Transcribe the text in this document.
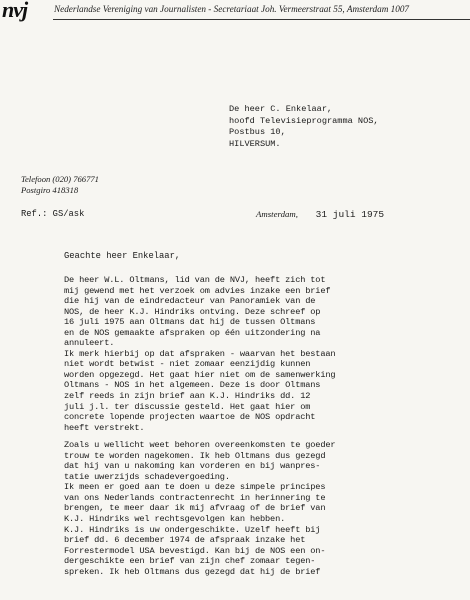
nvj	Nederlandse Vereniging van Journalisten - Secretariaat Joh. Vermeerstraat 55, Amsterdam 1007
De heer C. Enkelaar,
hoofd Televisieprogramma NOS,
Postbus 10,
HILVERSUM.
Telefoon (020) 766771
Postgiro 418318
Ref.: GS/ask	Amsterdam, 31 juli 1975
Geachte heer Enkelaar,
De heer W.L. Oltmans, lid van de NVJ, heeft zich tot
mij gewend met het verzoek om advies inzake een brief
die hij van de eindredacteur van Panoramiek van de
NOS, de heer K.J. Hindriks ontving. Deze schreef op
16 juli 1975 aan Oltmans dat hij de tussen Oltmans
en de NOS gemaakte afspraken op één uitzondering na
annuleert.
Ik merk hierbij op dat afspraken - waarvan het bestaan
niet wordt betwist - niet zomaar eenzijdig kunnen
worden opgezegd. Het gaat hier niet om de samenwerking
Oltmans - NOS in het algemeen. Deze is door Oltmans
zelf reeds in zijn brief aan K.J. Hindriks dd. 12
juli j.l. ter discussie gesteld. Het gaat hier om
concrete lopende projecten waartoe de NOS opdracht
heeft verstrekt.
Zoals u wellicht weet behoren overeenkomsten te goeder
trouw te worden nagekomen. Ik heb Oltmans dus gezegd
dat hij van u nakoming kan vorderen en bij wanpres-
tatie uwerzijds schadevergoeding.
Ik meen er goed aan te doen u deze simpele principes
van ons Nederlands contractenrecht in herinnering te
brengen, te meer daar ik mij afvraag of de brief van
K.J. Hindriks wel rechtsgevolgen kan hebben.
K.J. Hindriks is uw ondergeschikte. Uzelf heeft bij
brief dd. 6 december 1974 de afspraak inzake het
Forrestermodel USA bevestigd. Kan bij de NOS een on-
dergeschikte een brief van zijn chef zomaar tegen-
spreken. Ik heb Oltmans dus gezegd dat hij de brief
